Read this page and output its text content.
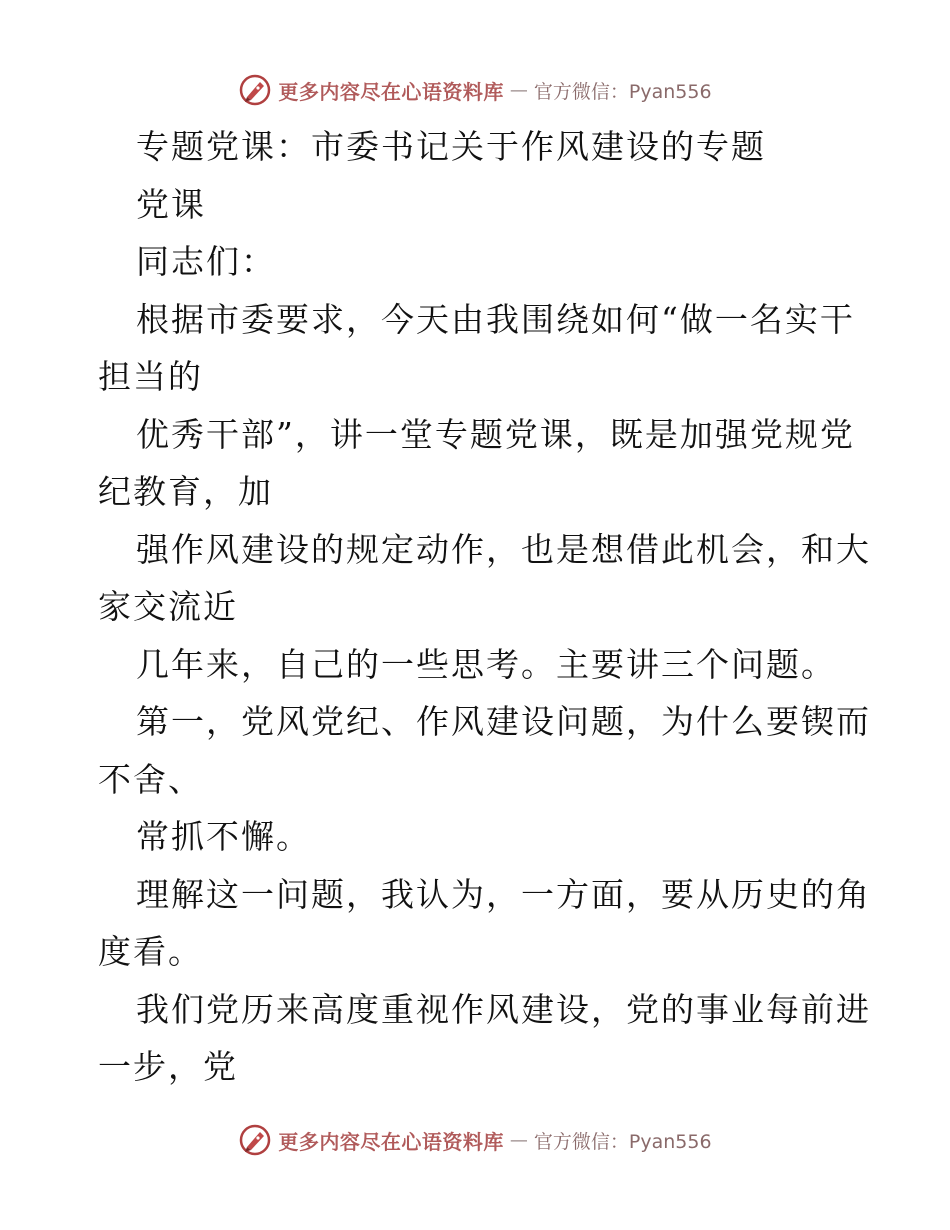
更多内容尽在心语资料库 — 官方微信：Pyan556
专题党课：市委书记关于作风建设的专题
党课
同志们：
根据市委要求，今天由我围绕如何“做一名实干
担当的
优秀干部”，讲一堂专题党课，既是加强党规党
纪教育，加
强作风建设的规定动作，也是想借此机会，和大
家交流近
几年来，自己的一些思考。主要讲三个问题。
第一，党风党纪、作风建设问题，为什么要锲而
不舍、
常抓不懈。
理解这一问题，我认为，一方面，要从历史的角
度看。
我们党历来高度重视作风建设，党的事业每前进
一步，党
更多内容尽在心语资料库 — 官方微信：Pyan556
